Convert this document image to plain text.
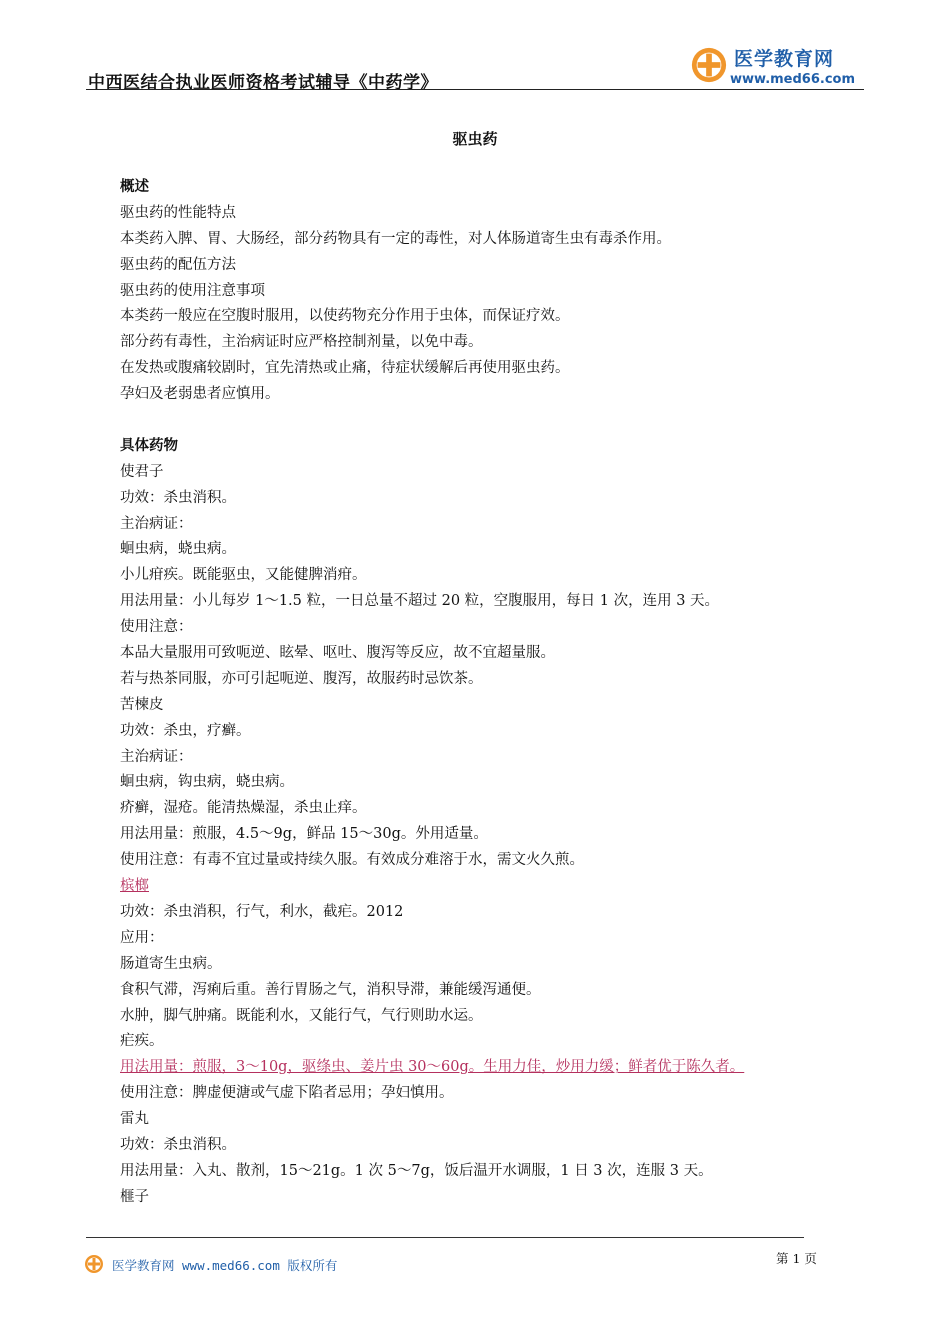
中西医结合执业医师资格考试辅导《中药学》
医学教育网
www.med66.com
驱虫药
概述
驱虫药的性能特点
本类药入脾、胃、大肠经，部分药物具有一定的毒性，对人体肠道寄生虫有毒杀作用。
驱虫药的配伍方法
驱虫药的使用注意事项
本类药一般应在空腹时服用，以使药物充分作用于虫体，而保证疗效。
部分药有毒性，主治病证时应严格控制剂量，以免中毒。
在发热或腹痛较剧时，宜先清热或止痛，待症状缓解后再使用驱虫药。
孕妇及老弱患者应慎用。
具体药物
使君子
功效：杀虫消积。
主治病证：
蛔虫病，蛲虫病。
小儿疳疾。既能驱虫，又能健脾消疳。
用法用量：小儿每岁 1～1.5 粒，一日总量不超过 20 粒，空腹服用，每日 1 次，连用 3 天。
使用注意：
本品大量服用可致呃逆、眩晕、呕吐、腹泻等反应，故不宜超量服。
若与热茶同服，亦可引起呃逆、腹泻，故服药时忌饮茶。
苦楝皮
功效：杀虫，疗癣。
主治病证：
蛔虫病，钩虫病，蛲虫病。
疥癣，湿疮。能清热燥湿，杀虫止痒。
用法用量：煎服，4.5～9g，鲜品 15～30g。外用适量。
使用注意：有毒不宜过量或持续久服。有效成分难溶于水，需文火久煎。
槟榔
功效：杀虫消积，行气，利水，截疟。2012
应用：
肠道寄生虫病。
食积气滞，泻痢后重。善行胃肠之气，消积导滞，兼能缓泻通便。
水肿，脚气肿痛。既能利水，又能行气，气行则助水运。
疟疾。
用法用量：煎服，3～10g，驱绦虫、姜片虫 30～60g。生用力佳，炒用力缓；鲜者优于陈久者。
使用注意：脾虚便溏或气虚下陷者忌用；孕妇慎用。
雷丸
功效：杀虫消积。
用法用量：入丸、散剂，15～21g。1 次 5～7g，饭后温开水调服，1 日 3 次，连服 3 天。
榧子
医学教育网 www.med66.com 版权所有	第 1 页
